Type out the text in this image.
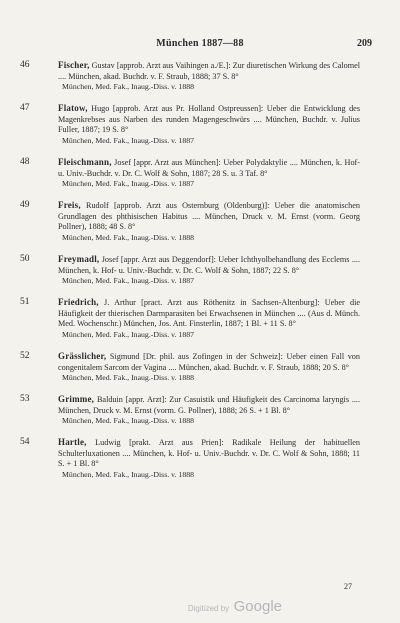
München 1887—88	209
46	Fischer, Gustav [approb. Arzt aus Vaihingen a./E.]: Zur diuretischen Wirkung des Calomel .... München, akad. Buchdr. v. F. Straub, 1888; 37 S. 8°
München, Med. Fak., Inaug.-Diss. v. 1888
47	Flatow, Hugo [approb. Arzt aus Pr. Holland Ostpreussen]: Ueber die Entwicklung des Magenkrebses aus Narben des runden Magengeschwürs .... München, Buchdr. v. Julius Fuller, 1887; 19 S. 8°
München, Med. Fak., Inaug.-Diss. v. 1887
48	Fleischmann, Josef [appr. Arzt aus München]: Ueber Polydaktylie .... München, k. Hof- u. Univ.-Buchdr. v. Dr. C. Wolf & Sohn, 1887; 28 S. u. 3 Taf. 8°
München, Med. Fak., Inaug.-Diss. v. 1887
49	Freis, Rudolf [approb. Arzt aus Osternburg (Oldenburg)]: Ueber die anatomischen Grundlagen des phthisischen Habitus .... München, Druck v. M. Ernst (vorm. Georg Pollner), 1888; 48 S. 8°
München, Med. Fak., Inaug.-Diss. v. 1888
50	Freymadl, Josef [appr. Arzt aus Deggendorf]: Ueber Ichthyolbehandlung des Ecclems .... München, k. Hof- u. Univ.-Buchdr. v. Dr. C. Wolf & Sohn, 1887; 22 S. 8°
München, Med. Fak., Inaug.-Diss. v. 1887
51	Friedrich, J. Arthur [pract. Arzt aus Röthenitz in Sachsen-Altenburg]: Ueber die Häufigkeit der thierischen Darmparasiten bei Erwachsenen in München .... (Aus d. Münch. Med. Wochenschr.) München, Jos. Ant. Finsterlin, 1887; 1 Bl. + 11 S. 8°
München, Med. Fak., Inaug.-Diss. v. 1887
52	Grässlicher, Sigmund [Dr. phil. aus Zofingen in der Schweiz]: Ueber einen Fall von congenitalem Sarcom der Vagina .... München, akad. Buchdr. v. F. Straub, 1888; 20 S. 8°
München, Med. Fak., Inaug.-Diss. v. 1888
53	Grimme, Balduin [appr. Arzt]: Zur Casuistik und Häufigkeit des Carcinoma laryngis .... München, Druck v. M. Ernst (vorm. G. Pollner), 1888; 26 S. + 1 Bl. 8°
München, Med. Fak., Inaug.-Diss. v. 1888
54	Hartle, Ludwig [prakt. Arzt aus Prien]: Radikale Heilung der habituellen Schulterluxationen .... München, k. Hof- u. Univ.-Buchdr. v. Dr. C. Wolf & Sohn, 1888; 11 S. + 1 Bl. 8°
München, Med. Fak., Inaug.-Diss. v. 1888
27
Digitized by Google
